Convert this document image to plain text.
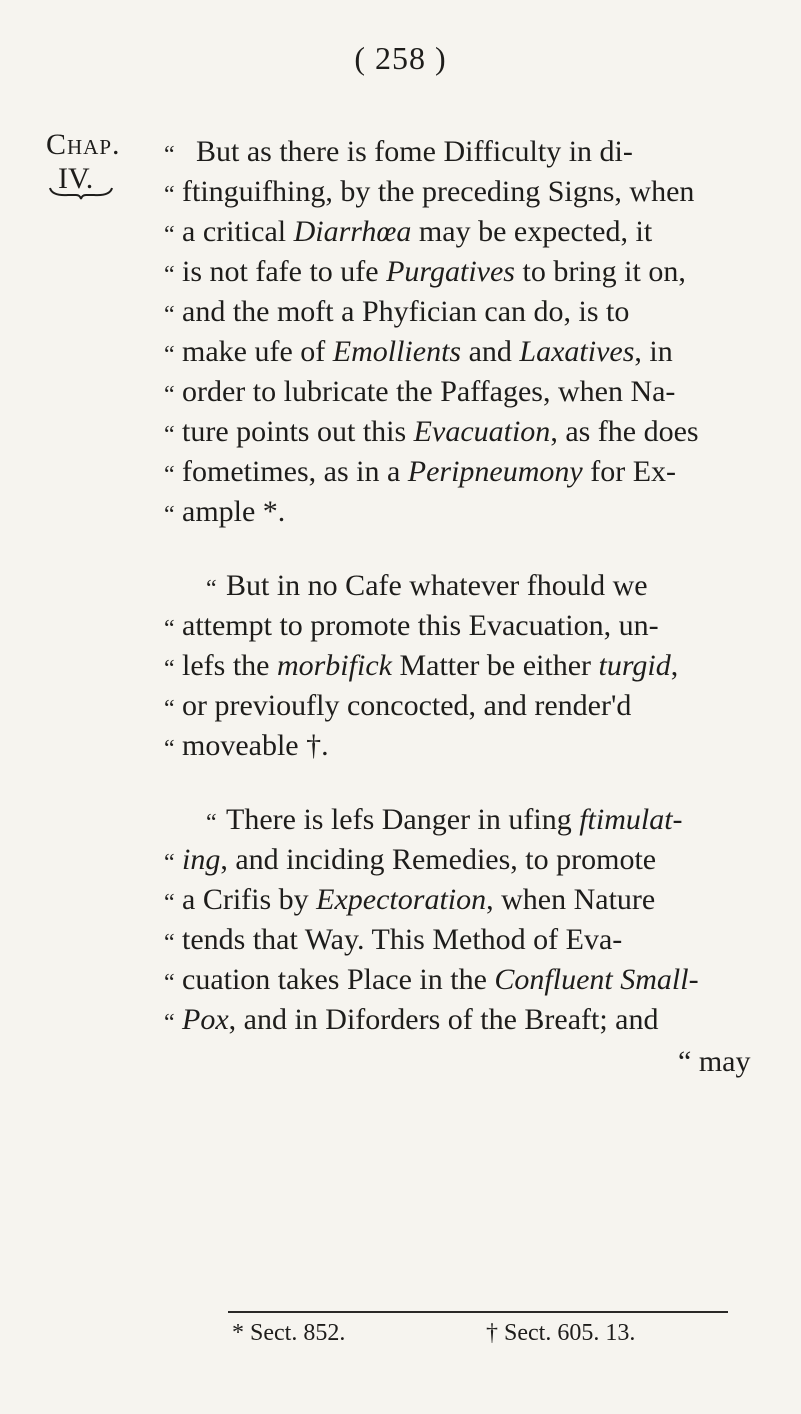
( 258 )
Chap.
IV.
“ But as there is fome Difficulty in di-
“ ftinguifhing, by the preceding Signs, when
“ a critical Diarrhœa may be expected, it
“ is not fafe to ufe Purgatives to bring it on,
“ and the moft a Phyfician can do, is to
“ make ufe of Emollients and Laxatives, in
“ order to lubricate the Paffages, when Na-
“ ture points out this Evacuation, as fhe does
“ fometimes, as in a Peripneumony for Ex-
“ ample *.
“ But in no Cafe whatever fhould we
“ attempt to promote this Evacuation, un-
“ lefs the morbifick Matter be either turgid,
“ or previoufly concocted, and render'd
“ moveable †.
“ There is lefs Danger in ufing ftimulat-
“ ing, and inciding Remedies, to promote
“ a Crifis by Expectoration, when Nature
“ tends that Way. This Method of Eva-
“ cuation takes Place in the Confluent Small-
“ Pox, and in Diforders of the Breaft; and
“ may
* Sect. 852.	† Sect. 605. 13.
